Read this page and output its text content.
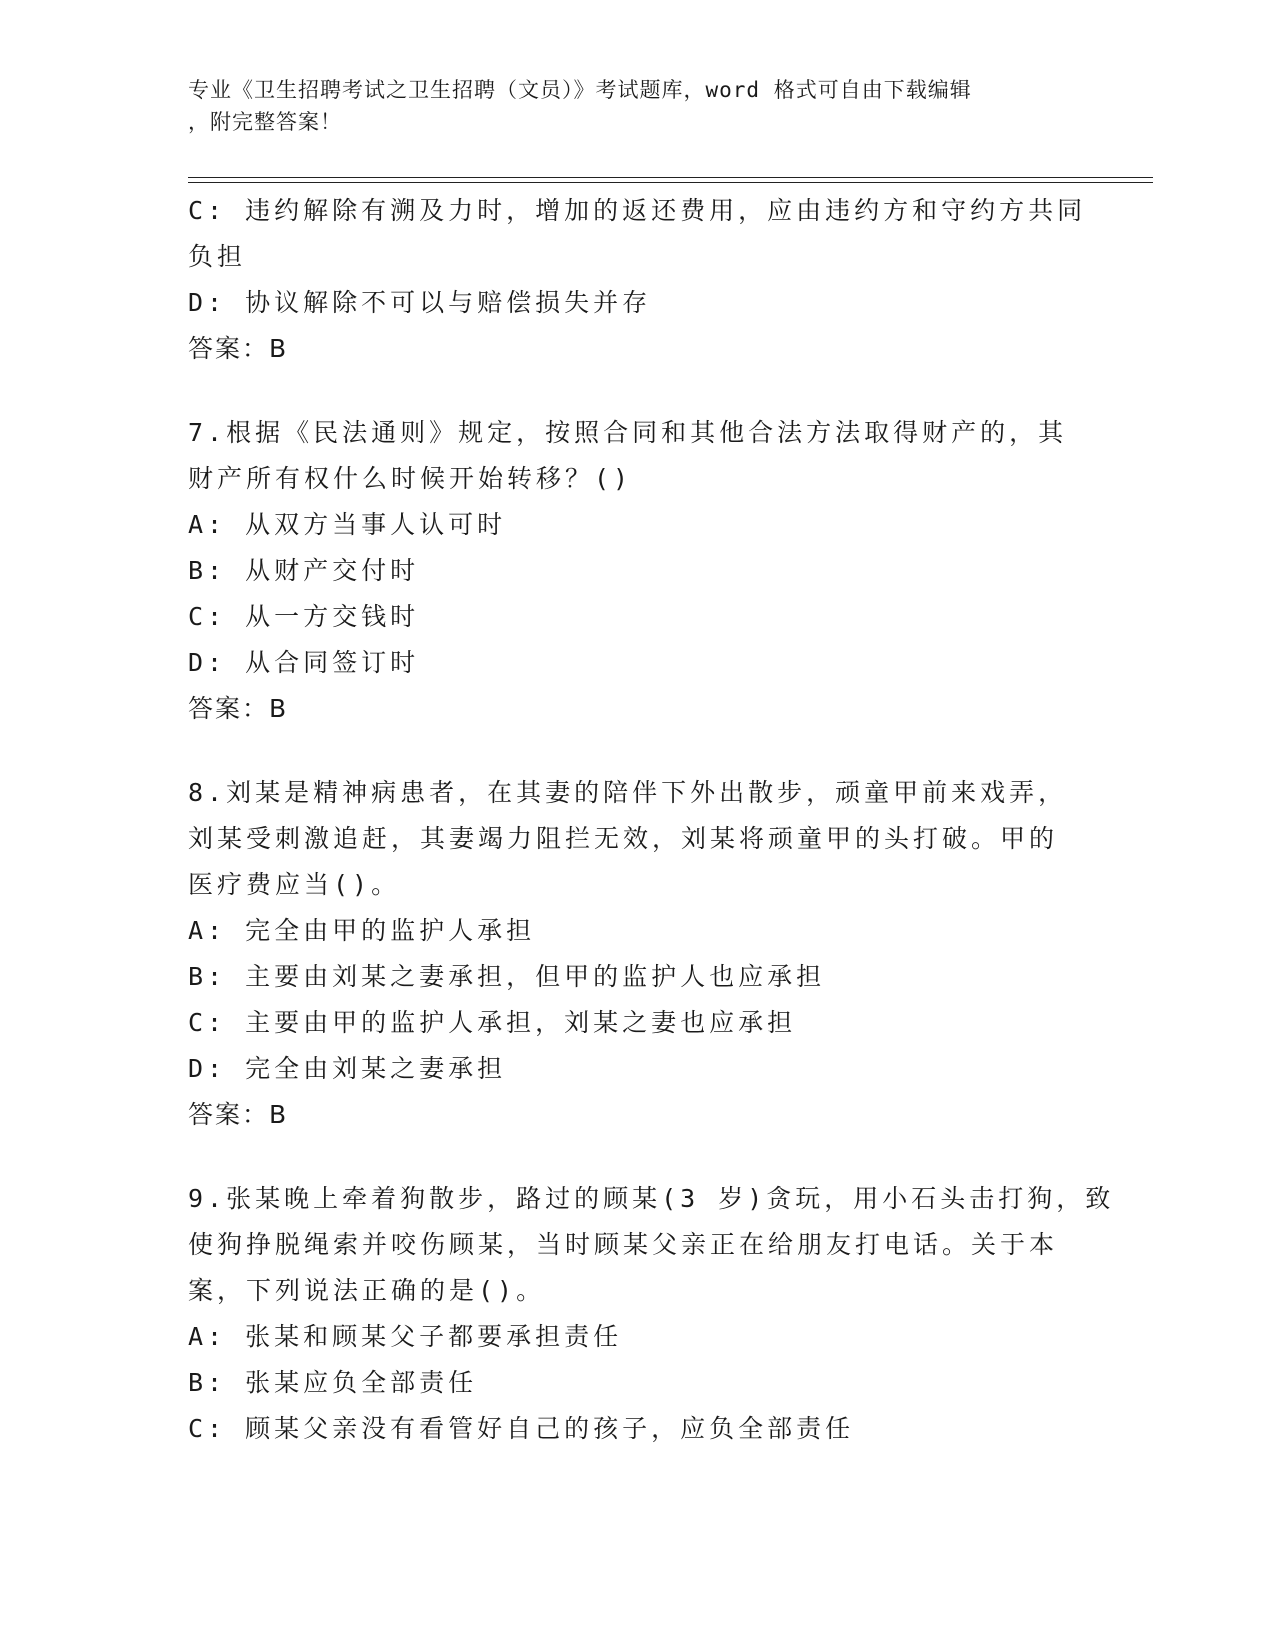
专业《卫生招聘考试之卫生招聘（文员）》考试题库，word 格式可自由下载编辑
，附完整答案！
C: 违约解除有溯及力时，增加的返还费用，应由违约方和守约方共同
负担
D: 协议解除不可以与赔偿损失并存
答案：B
7.根据《民法通则》规定，按照合同和其他合法方法取得财产的，其
财产所有权什么时候开始转移？()
A: 从双方当事人认可时
B: 从财产交付时
C: 从一方交钱时
D: 从合同签订时
答案：B
8.刘某是精神病患者，在其妻的陪伴下外出散步，顽童甲前来戏弄，
刘某受刺激追赶，其妻竭力阻拦无效，刘某将顽童甲的头打破。甲的
医疗费应当()。
A: 完全由甲的监护人承担
B: 主要由刘某之妻承担，但甲的监护人也应承担
C: 主要由甲的监护人承担，刘某之妻也应承担
D: 完全由刘某之妻承担
答案：B
9.张某晚上牵着狗散步，路过的顾某(3 岁)贪玩，用小石头击打狗，致
使狗挣脱绳索并咬伤顾某，当时顾某父亲正在给朋友打电话。关于本
案，下列说法正确的是()。
A: 张某和顾某父子都要承担责任
B: 张某应负全部责任
C: 顾某父亲没有看管好自己的孩子，应负全部责任
